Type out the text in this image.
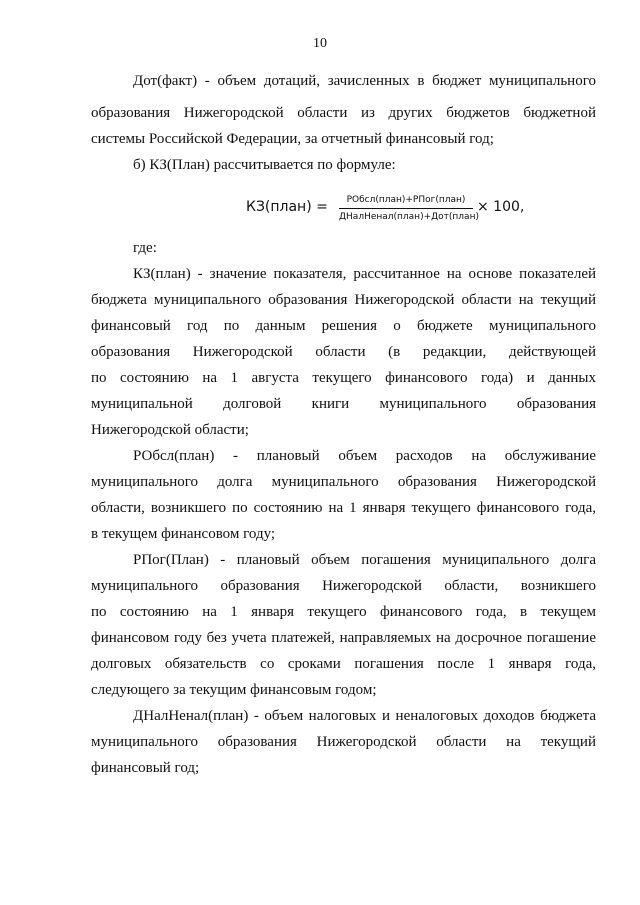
10
Дот(факт) - объем дотаций, зачисленных в бюджет муниципального
образования Нижегородской области из других бюджетов бюджетной
системы Российской Федерации, за отчетный финансовый год;
б) КЗ(План) рассчитывается по формуле:
КЗ(план) =	РОбсл(план)+РПог(план)
ДНалНенал(план)+Дот(план)
× 100,
где:
КЗ(план) - значение показателя, рассчитанное на основе показателей
бюджета муниципального образования Нижегородской области на текущий
финансовый год по данным решения о бюджете муниципального
образования Нижегородской области (в редакции, действующей
по состоянию на 1 августа текущего финансового года) и данных
муниципальной долговой книги муниципального образования
Нижегородской области;
РОбсл(план) - плановый объем расходов на обслуживание
муниципального долга муниципального образования Нижегородской
области, возникшего по состоянию на 1 января текущего финансового года,
в текущем финансовом году;
РПог(План) - плановый объем погашения муниципального долга
муниципального образования Нижегородской области, возникшего
по состоянию на 1 января текущего финансового года, в текущем
финансовом году без учета платежей, направляемых на досрочное погашение
долговых обязательств со сроками погашения после 1 января года,
следующего за текущим финансовым годом;
ДНалНенал(план) - объем налоговых и неналоговых доходов бюджета
муниципального образования Нижегородской области на текущий
финансовый год;
